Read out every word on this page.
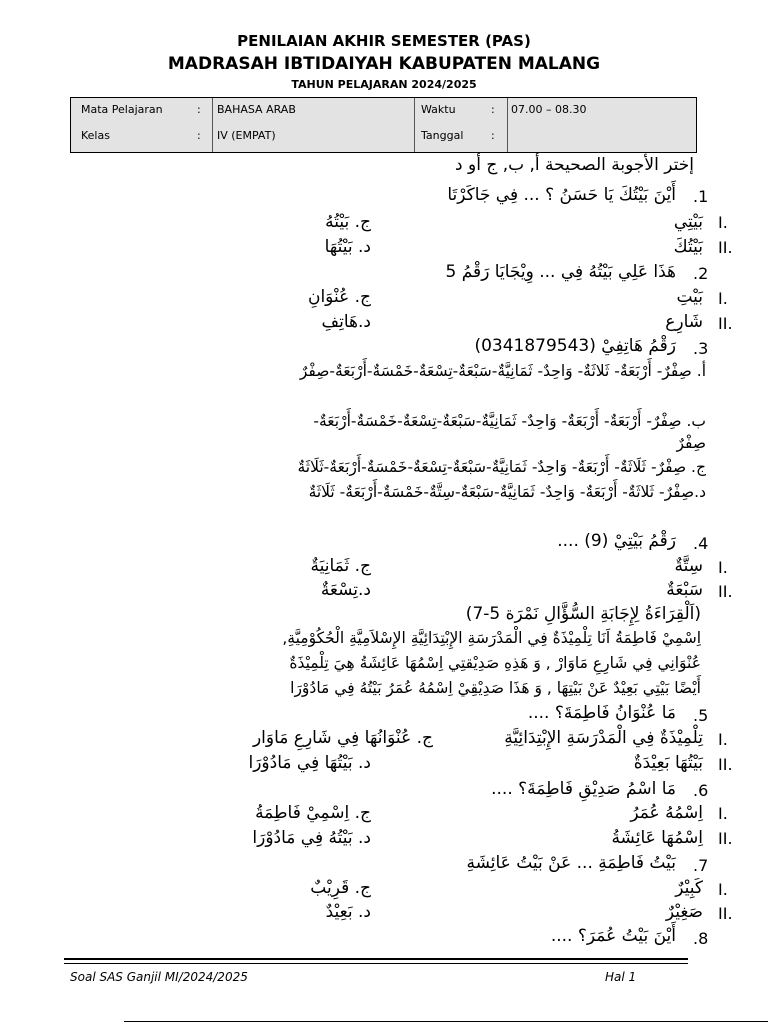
PENILAIAN AKHIR SEMESTER (PAS)
MADRASAH IBTIDAIYAH KABUPATEN MALANG
TAHUN PELAJARAN 2024/2025
Mata Pelajaran
Kelas
:
:
BAHASA ARAB
IV (EMPAT)
Waktu
Tanggal
:
:
07.00 – 08.30
إختر الأجوبة الصحيحة أ, ب, ج أو د
.1
أَيْنَ بَيْتُكَ يَا حَسَنُ ؟ ... فِي جَاكَرْتَا
I.
بَيْتِي
ج. بَيْتُهُ
II.
بَيْتُكَ
د. بَيْتُهَا
.2
هَذَا عَلِي بَيْتُهُ فِي ... وِيْجَايَا رَقْمُ 5
I.
بَيْتِ
ج. عُنْوَانِ
II.
شَارِع
د.هَاتِفِ
.3
رَقْمُ هَاتِفِيْ (0341879543)
أ. صِفْرٌ- أَرْبَعَةٌ- ثَلاثَةٌ- وَاحِدٌ- ثَمَانِيَّةٌ-سَبْعَةٌ-تِسْعَةٌ-خَمْسَةٌ-أَرْبَعَةٌ-صِفْرٌ
ب. صِفْرٌ- أَرْبَعَةٌ- أَرْبَعَةٌ- وَاحِدٌ- ثَمَانِيَّةٌ-سَبْعَةٌ-تِسْعَةٌ-خَمْسَةٌ-أَرْبَعَةٌ-
صِفْرٌ
ج. صِفْرٌ- ثَلَاثَةٌ- أَرْبَعَةٌ- وَاحِدٌ- ثَمَانِيَّةٌ-سَبْعَةٌ-تِسْعَةٌ-خَمْسَةٌ-أَرْبَعَةٌ-ثَلَاثَةٌ
د.صِفْرٌ- ثَلاثَةٌ- أَرْبَعَةٌ- وَاحِدٌ- ثَمَانِيَّةٌ-سَبْعَةٌ-سِتَّةٌ-خَمْسَةٌ-أَرْبَعَةٌ- ثَلَاثَةٌ
.4
رَقْمُ بَيْتِيْ (9) ....
I.
سِتَّةٌ
ج. ثَمَانِيَةٌ
II.
سَبْعَةٌ
د.تِسْعَةٌ
(اَلْقِرَاءَةُ لِإِجَابَةِ السُّؤَّالِ نَمْرَة 5-7)
اِسْمِيْ فَاطِمَةُ اَنَا تِلْمِيْذَةٌ فِي الْمَدْرَسَةِ الإِبْتِدَائِيَّةِ الإِسْلاَمِيَّةِ الْحُكُوْمِيَّةِ,
عُنْوَانِي فِي شَارِعِ مَاوَارْ , وَ هَذِهِ صَدِيْقتِي اِسْمُهَا عَائِشَةُ هِيَ تِلْمِيْذَةٌ
أَيْضًا بَيْتِي بَعِيْدٌ عَنْ بَيْتِهَا , وَ هَذَا صَدِيْقِيْ اِسْمُهُ عُمَرُ بَيْتُهُ فِي مَادُوْرَا
.5
مَا عُنْوَانُ فَاطِمَةَ؟ ....
I.
تِلْمِيْذَةٌ فِي الْمَدْرَسَةِ الإِبْتِدَائِيَّةِ
ج. عُنْوَانُهَا فِي شَارِعِ مَاوَار
II.
بَيْتُهَا بَعِيْدَةٌ
د. بَيْتُهَا فِي مَادُوْرَا
.6
مَا اسْمُ صَدِيْقِ فَاطِمَةَ؟ ....
I.
اِسْمُهُ عُمَرُ
ج. اِسْمِيْ فَاطِمَةُ
II.
اِسْمُهَا عَائِشَةُ
د. بَيْتُهُ فِي مَادُوْرَا
.7
بَيْتُ فَاطِمَةِ ... عَنْ بَيْتُ عَائِشَةِ
I.
كَبِيْرٌ
ج. قَرِيْبٌ
II.
صَغِيْرٌ
د. بَعِيْدٌ
.8
أَيْنَ بَيْتُ عُمَرَ؟ ....
Soal SAS Ganjil MI/2024/2025	Hal 1
